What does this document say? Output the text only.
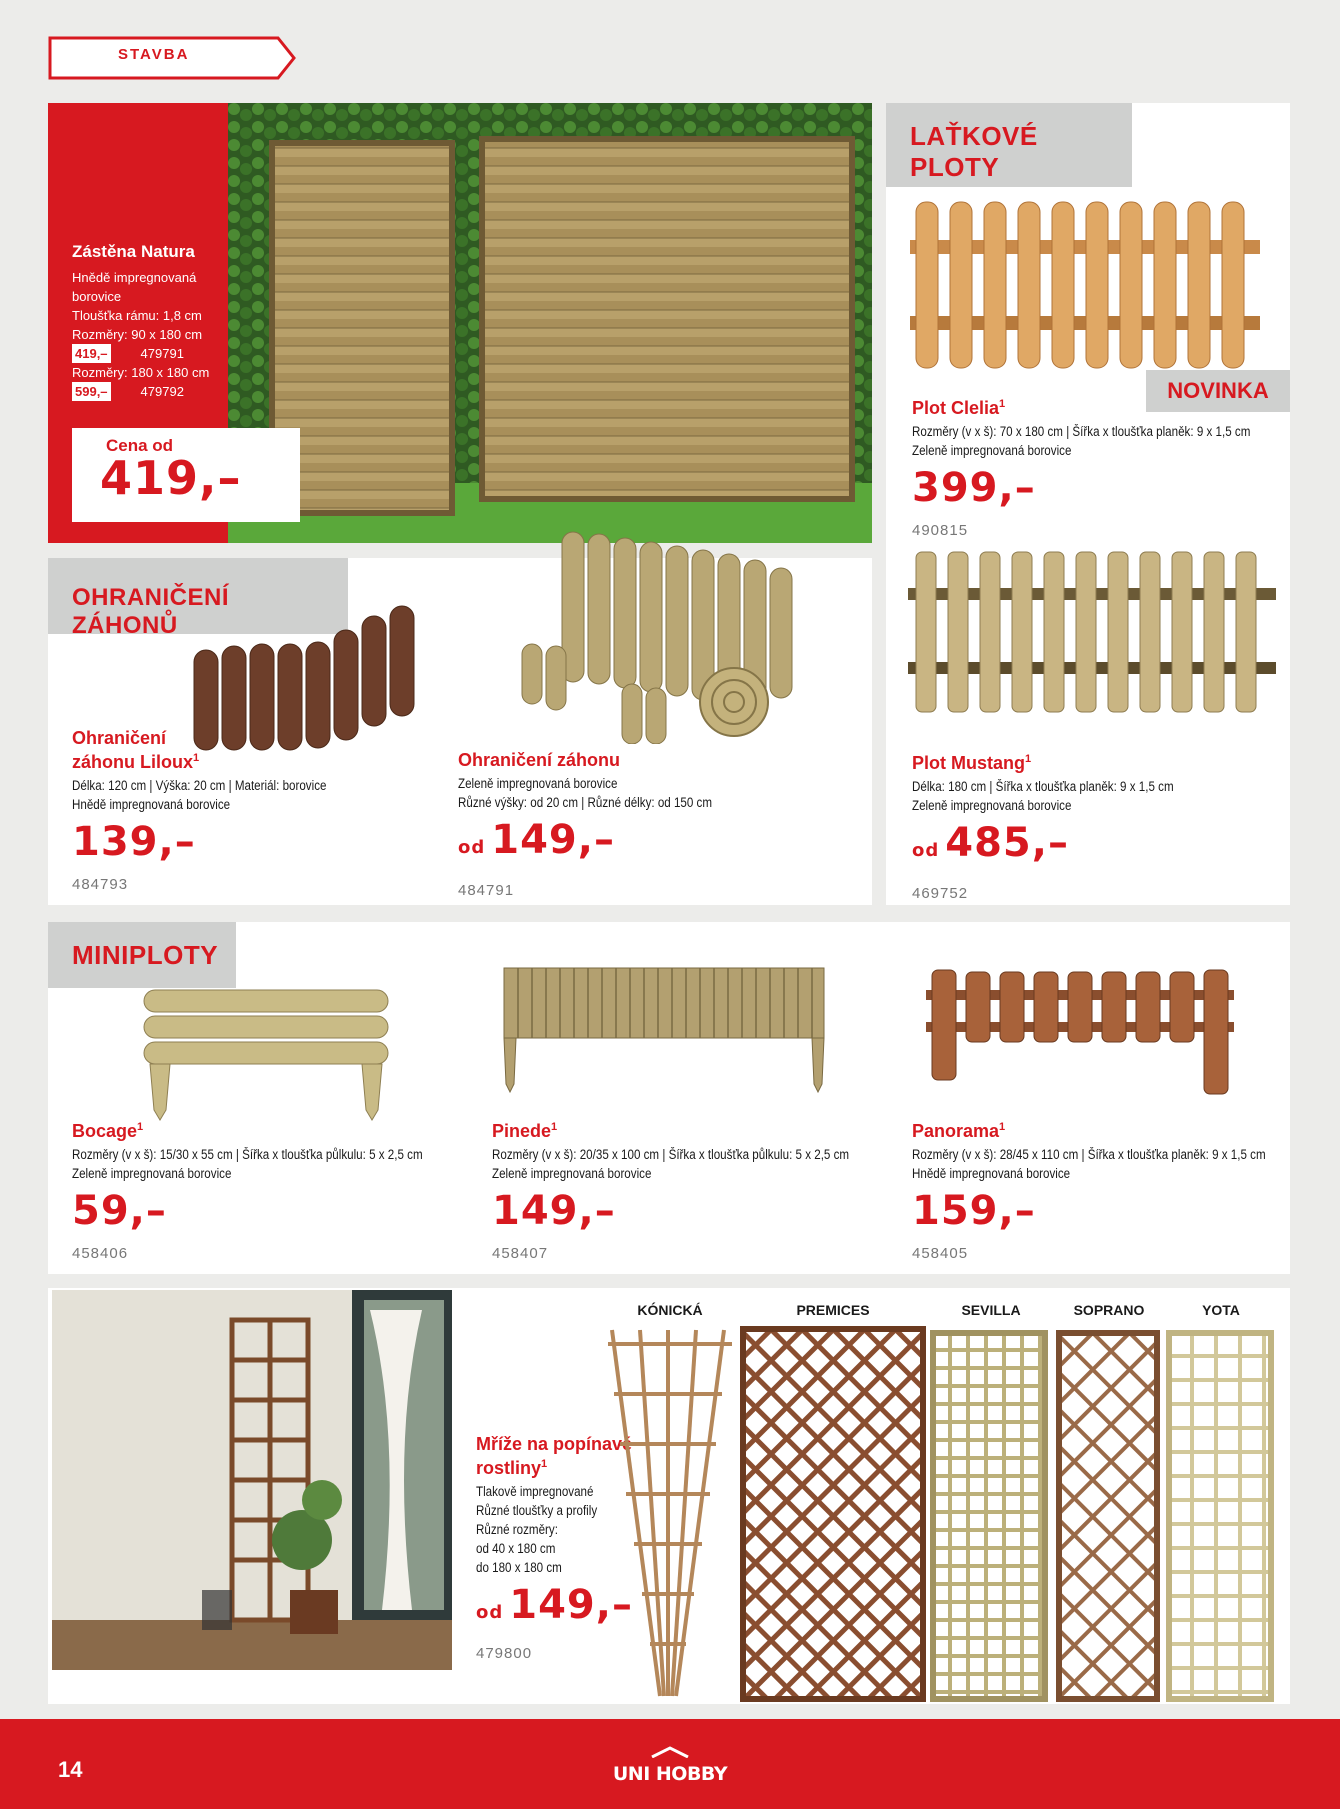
STAVBA
Zástěna Natura
Hnědě impregnovaná
borovice
Tloušťka rámu: 1,8 cm
Rozměry: 90 x 180 cm
419,–	479791
Rozměry: 180 x 180 cm
599,–	479792
Cena od
419,–
LAŤKOVÉ PLOTY
NOVINKA
Plot Clelia$^1$
Rozměry (v x š): 70 x 180 cm | Šířka x tloušťka planěk: 9 x 1,5 cm
Zeleně impregnovaná borovice
399,–
490815
Plot Mustang$^1$
Délka: 180 cm | Šířka x tloušťka planěk: 9 x 1,5 cm
Zeleně impregnovaná borovice
od 485,–
469752
OHRANIČENÍ ZÁHONŮ
Ohraničení
záhonu Liloux$^1$
Délka: 120 cm | Výška: 20 cm | Materiál: borovice
Hnědě impregnovaná borovice
139,–
484793
Ohraničení záhonu
Zeleně impregnovaná borovice
Různé výšky: od 20 cm | Různé délky: od 150 cm
od 149,–
484791
MINIPLOTY
Bocage$^1$
Rozměry (v x š): 15/30 x 55 cm | Šířka x tloušťka půlkulu: 5 x 2,5 cm
Zeleně impregnovaná borovice
59,–
458406
Pinede$^1$
Rozměry (v x š): 20/35 x 100 cm | Šířka x tloušťka půlkulu: 5 x 2,5 cm
Zeleně impregnovaná borovice
149,–
458407
Panorama$^1$
Rozměry (v x š): 28/45 x 110 cm | Šířka x tloušťka planěk: 9 x 1,5 cm
Hnědě impregnovaná borovice
159,–
458405
Mříže na popínavé
rostliny$^1$
Tlakově impregnované
Různé tloušťky a profily
Různé rozměry:
od 40 x 180 cm
do 180 x 180 cm
od 149,–
479800
KÓNICKÁ	PREMICES	SEVILLA	SOPRANO	YOTA
14	UNI HOBBY
